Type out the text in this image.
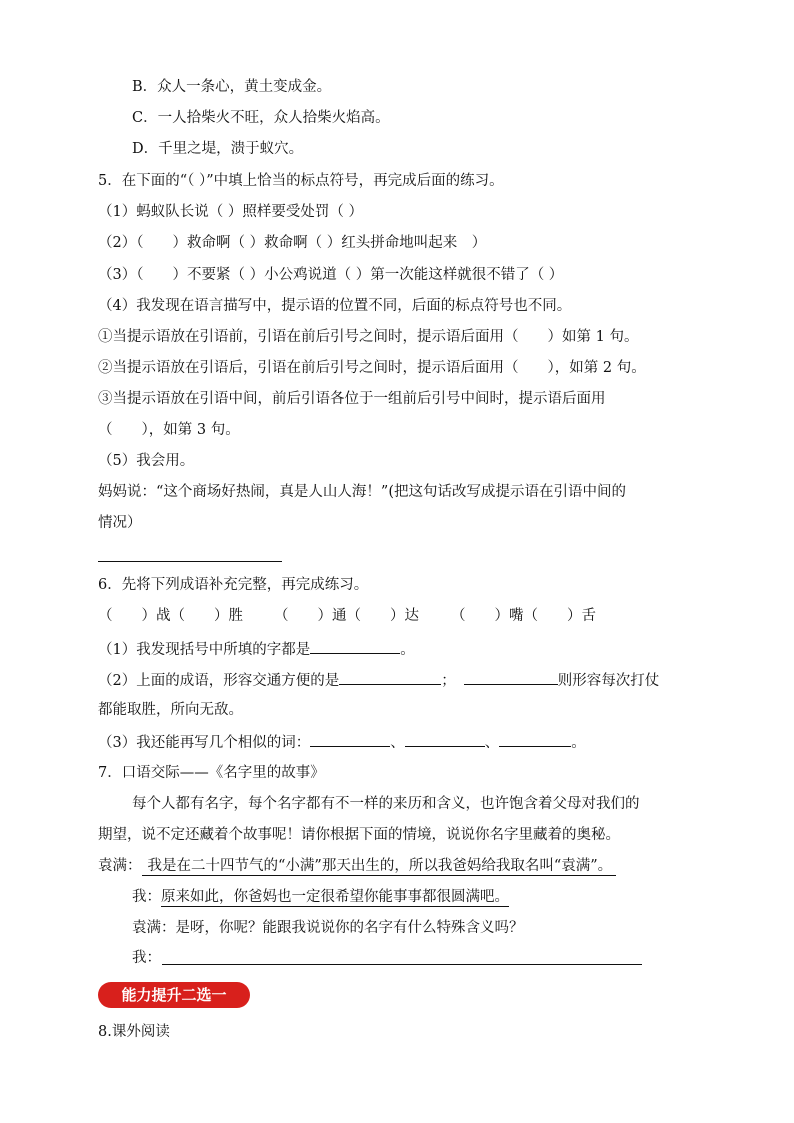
B．众人一条心，黄土变成金。
C．一人拾柴火不旺，众人拾柴火焰高。
D．千里之堤，溃于蚁穴。
5．在下面的“（ ）”中填上恰当的标点符号，再完成后面的练习。
（1）蚂蚁队长说（ ）照样要受处罚（ ）
（2）（　　）救命啊（ ）救命啊（ ）红头拼命地叫起来　）
（3）（　　）不要紧（ ）小公鸡说道（ ）第一次能这样就很不错了（ ）
（4）我发现在语言描写中，提示语的位置不同，后面的标点符号也不同。
①当提示语放在引语前，引语在前后引号之间时，提示语后面用（　　）如第 1 句。
②当提示语放在引语后，引语在前后引号之间时，提示语后面用（　　），如第 2 句。
③当提示语放在引语中间，前后引语各位于一组前后引号中间时，提示语后面用
（　　），如第 3 句。
（5）我会用。
妈妈说：“这个商场好热闹，真是人山人海！”(把这句话改写成提示语在引语中间的
情况）
6．先将下列成语补充完整，再完成练习。
（　　）战（　　）胜 （　　）通（　　）达 （　　）嘴（　　）舌
（1）我发现括号中所填的字都是	。
（2）上面的成语，形容交通方便的是	；	则形容每次打仗
都能取胜，所向无敌。
（3）我还能再写几个相似的词：	、	、	。
7．口语交际——《名字里的故事》
每个人都有名字，每个名字都有不一样的来历和含义，也许饱含着父母对我们的
期望，说不定还藏着个故事呢！请你根据下面的情境，说说你名字里藏着的奥秘。
袁满： 我是在二十四节气的“小满”那天出生的，所以我爸妈给我取名叫“袁满”。
我：原来如此，你爸妈也一定很希望你能事事都很圆满吧。
袁满：是呀，你呢？能跟我说说你的名字有什么特殊含义吗？
我：
能力提升二选一
8.课外阅读
